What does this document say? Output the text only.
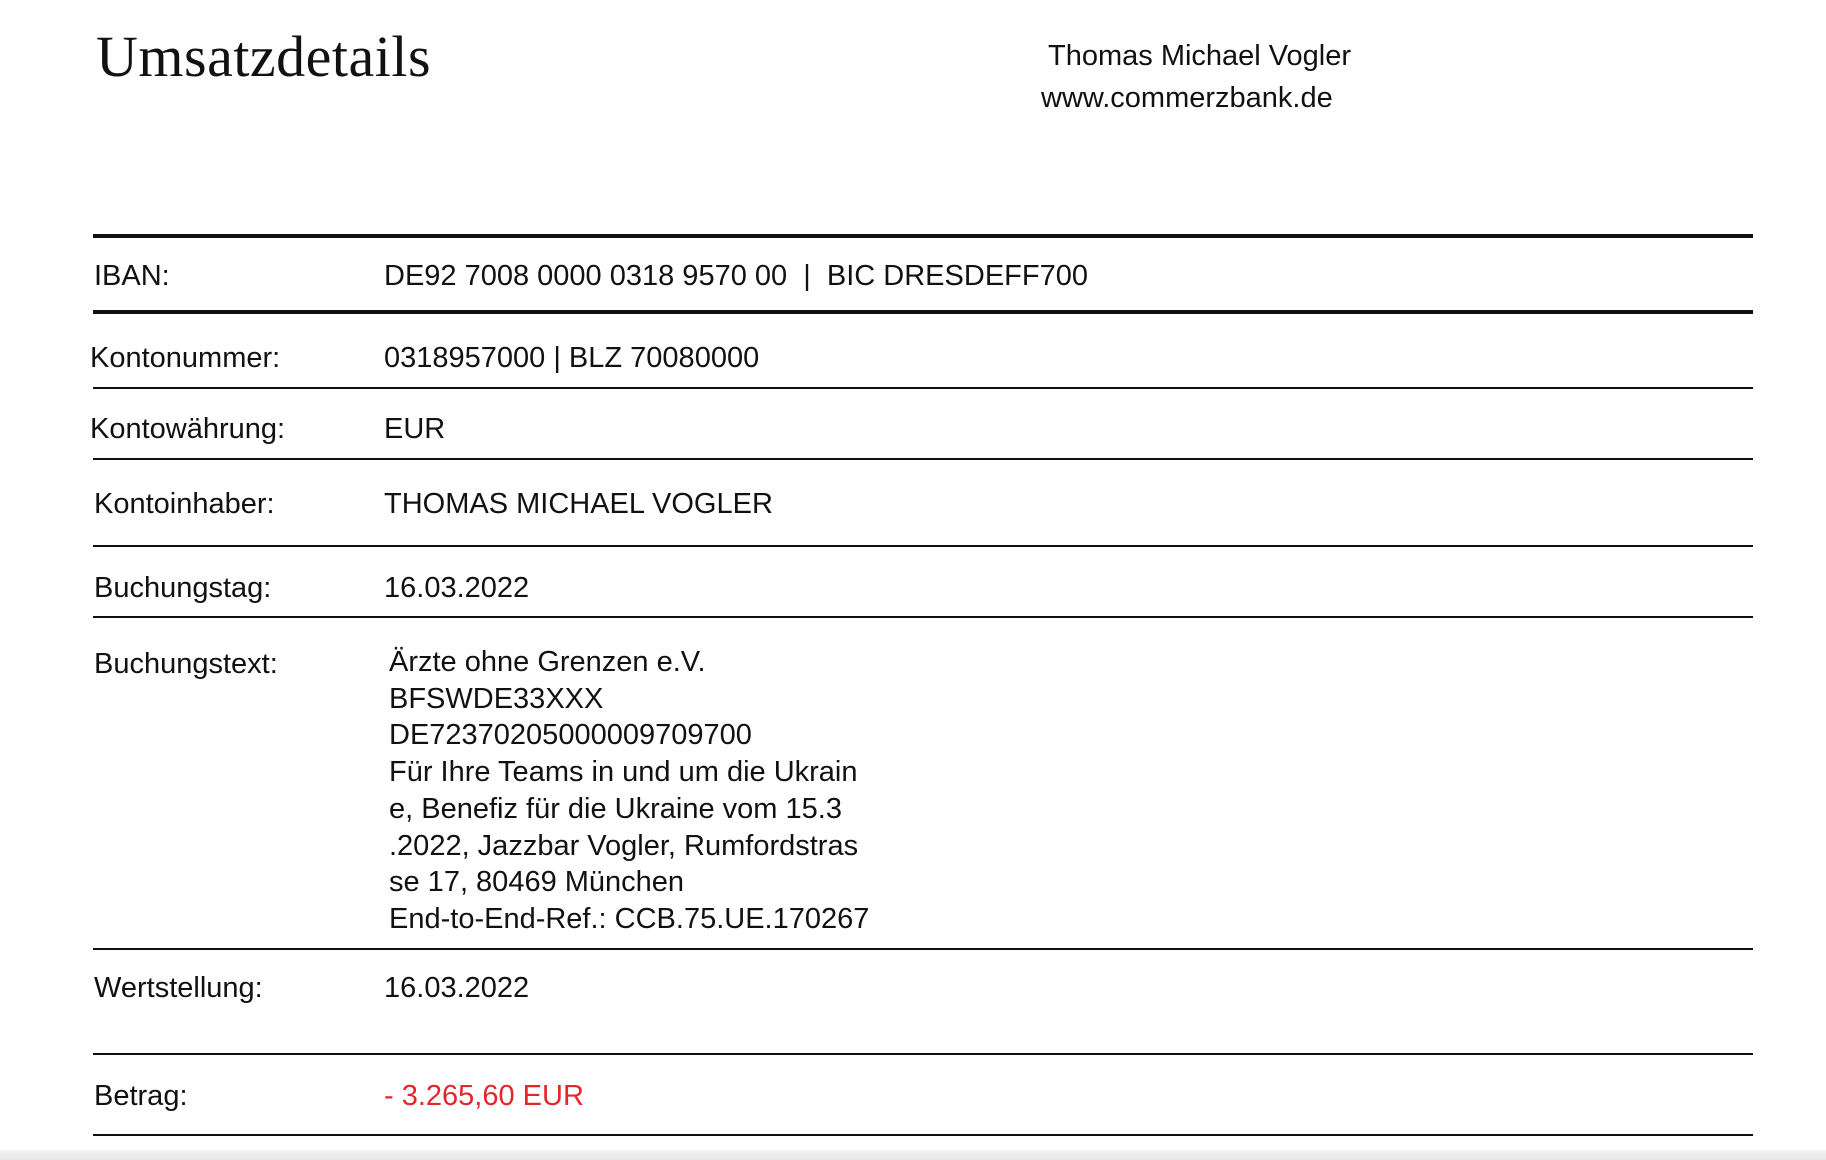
Umsatzdetails	Thomas Michael Vogler
www.commerzbank.de
IBAN:	DE92 7008 0000 0318 9570 00  |  BIC DRESDEFF700
Kontonummer:	0318957000 | BLZ 70080000
Kontowährung:	EUR
Kontoinhaber:	THOMAS MICHAEL VOGLER
Buchungstag:	16.03.2022
Buchungstext:	Ärzte ohne Grenzen e.V.
BFSWDE33XXX
DE72370205000009709700
Für Ihre Teams in und um die Ukrain
e, Benefiz für die Ukraine vom 15.3
.2022, Jazzbar Vogler, Rumfordstras
se 17, 80469 München
End-to-End-Ref.: CCB.75.UE.170267
Wertstellung:	16.03.2022
Betrag:	- 3.265,60 EUR
